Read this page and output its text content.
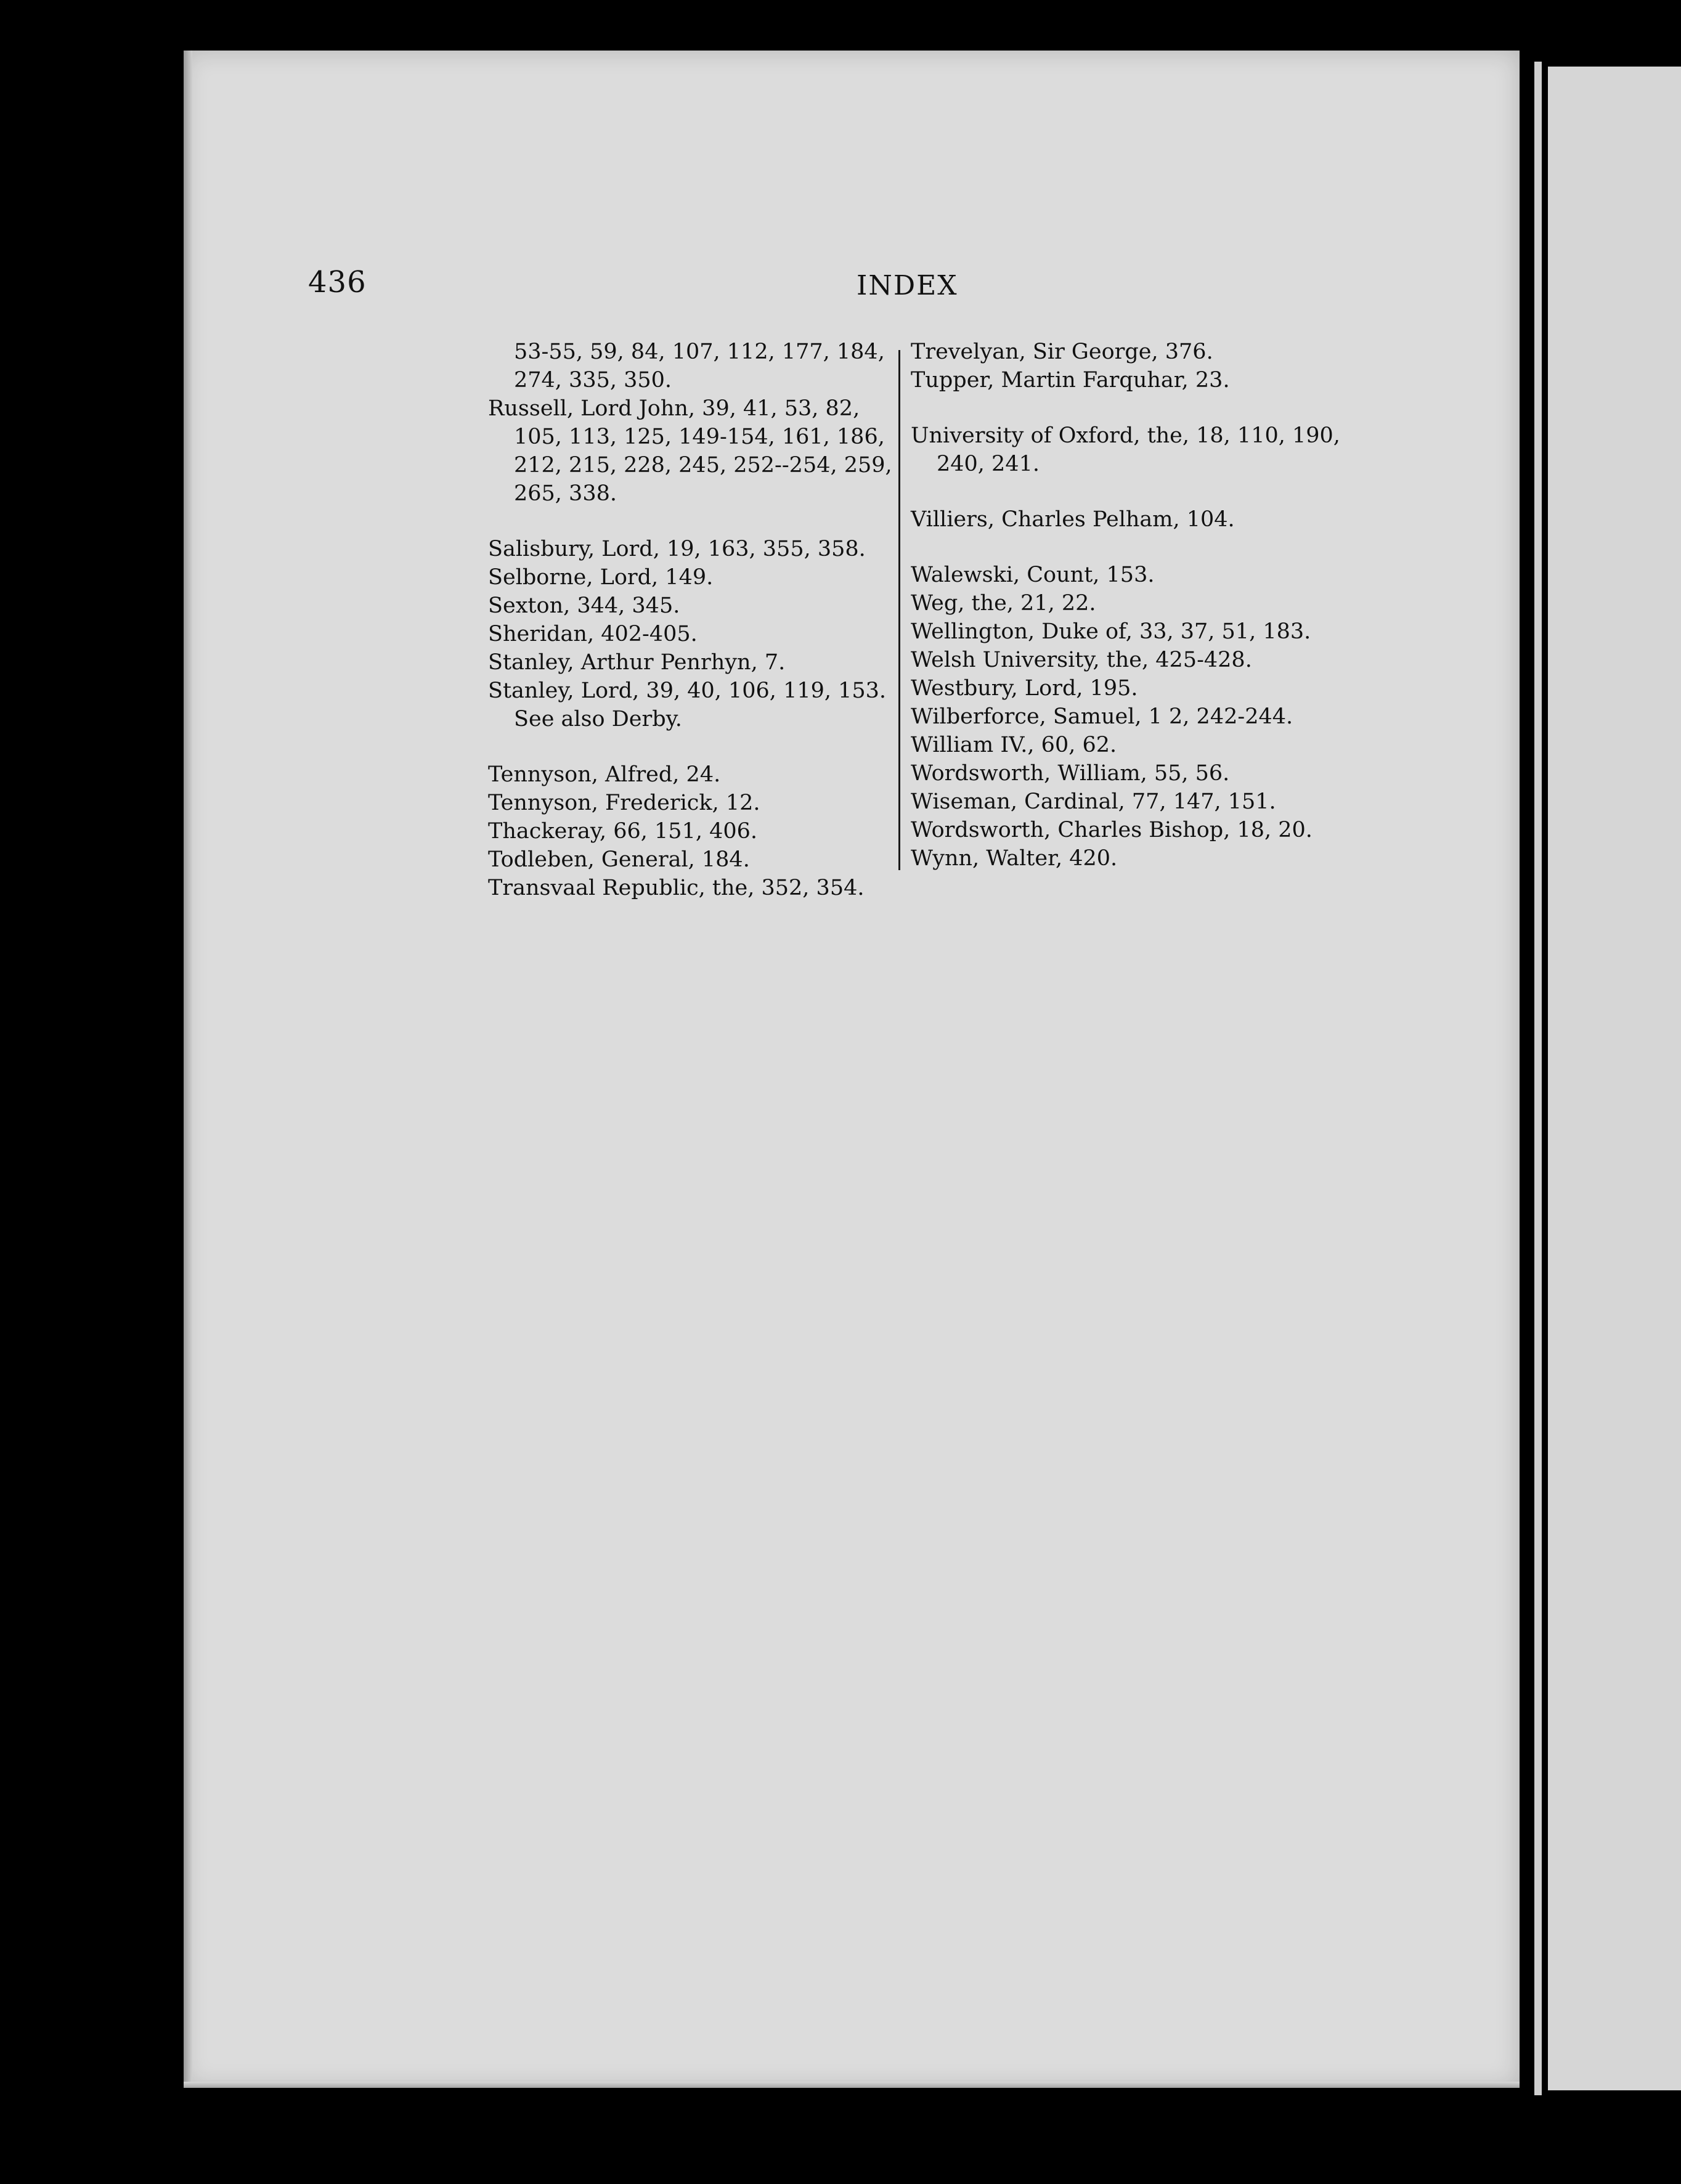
436	INDEX
53-55, 59, 84, 107, 112, 177, 184, 274, 335, 350.
Russell, Lord John, 39, 41, 53, 82, 105, 113, 125, 149-154, 161, 186, 212, 215, 228, 245, 252--254, 259, 265, 338.
Salisbury, Lord, 19, 163, 355, 358.
Selborne, Lord, 149.
Sexton, 344, 345.
Sheridan, 402-405.
Stanley, Arthur Penrhyn, 7.
Stanley, Lord, 39, 40, 106, 119, 153. See also Derby.
Tennyson, Alfred, 24.
Tennyson, Frederick, 12.
Thackeray, 66, 151, 406.
Todleben, General, 184.
Transvaal Republic, the, 352, 354.
Trevelyan, Sir George, 376.
Tupper, Martin Farquhar, 23.
University of Oxford, the, 18, 110, 190, 240, 241.
Villiers, Charles Pelham, 104.
Walewski, Count, 153.
Weg, the, 21, 22.
Wellington, Duke of, 33, 37, 51, 183.
Welsh University, the, 425-428.
Westbury, Lord, 195.
Wilberforce, Samuel, 1 2, 242-244.
William IV., 60, 62.
Wordsworth, William, 55, 56.
Wiseman, Cardinal, 77, 147, 151.
Wordsworth, Charles Bishop, 18, 20.
Wynn, Walter, 420.
